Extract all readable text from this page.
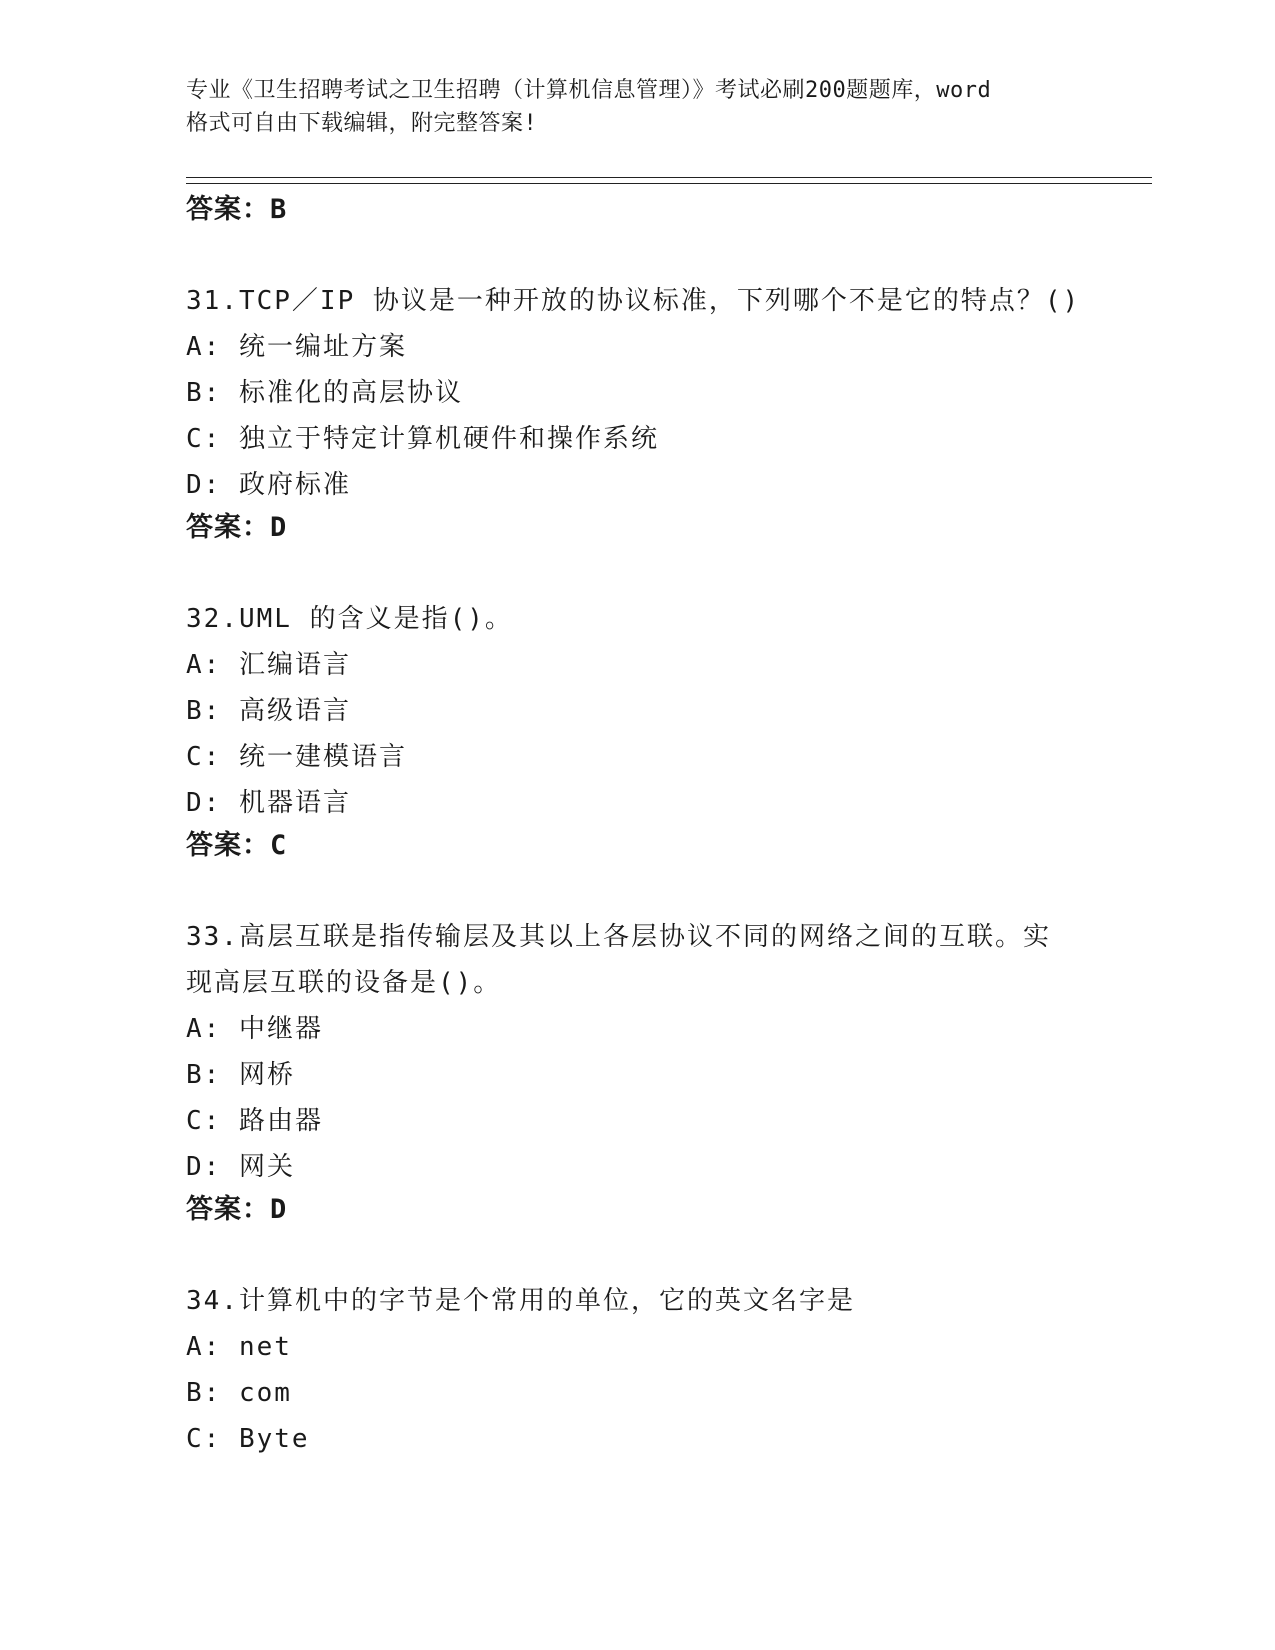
专业《卫生招聘考试之卫生招聘（计算机信息管理）》考试必刷200题题库，word
格式可自由下载编辑，附完整答案!
答案：B
31.TCP／IP 协议是一种开放的协议标准，下列哪个不是它的特点？()
A: 统一编址方案
B: 标准化的高层协议
C: 独立于特定计算机硬件和操作系统
D: 政府标准
答案：D
32.UML 的含义是指()。
A: 汇编语言
B: 高级语言
C: 统一建模语言
D: 机器语言
答案：C
33.高层互联是指传输层及其以上各层协议不同的网络之间的互联。实
现高层互联的设备是()。
A: 中继器
B: 网桥
C: 路由器
D: 网关
答案：D
34.计算机中的字节是个常用的单位，它的英文名字是
A: net
B: com
C: Byte
